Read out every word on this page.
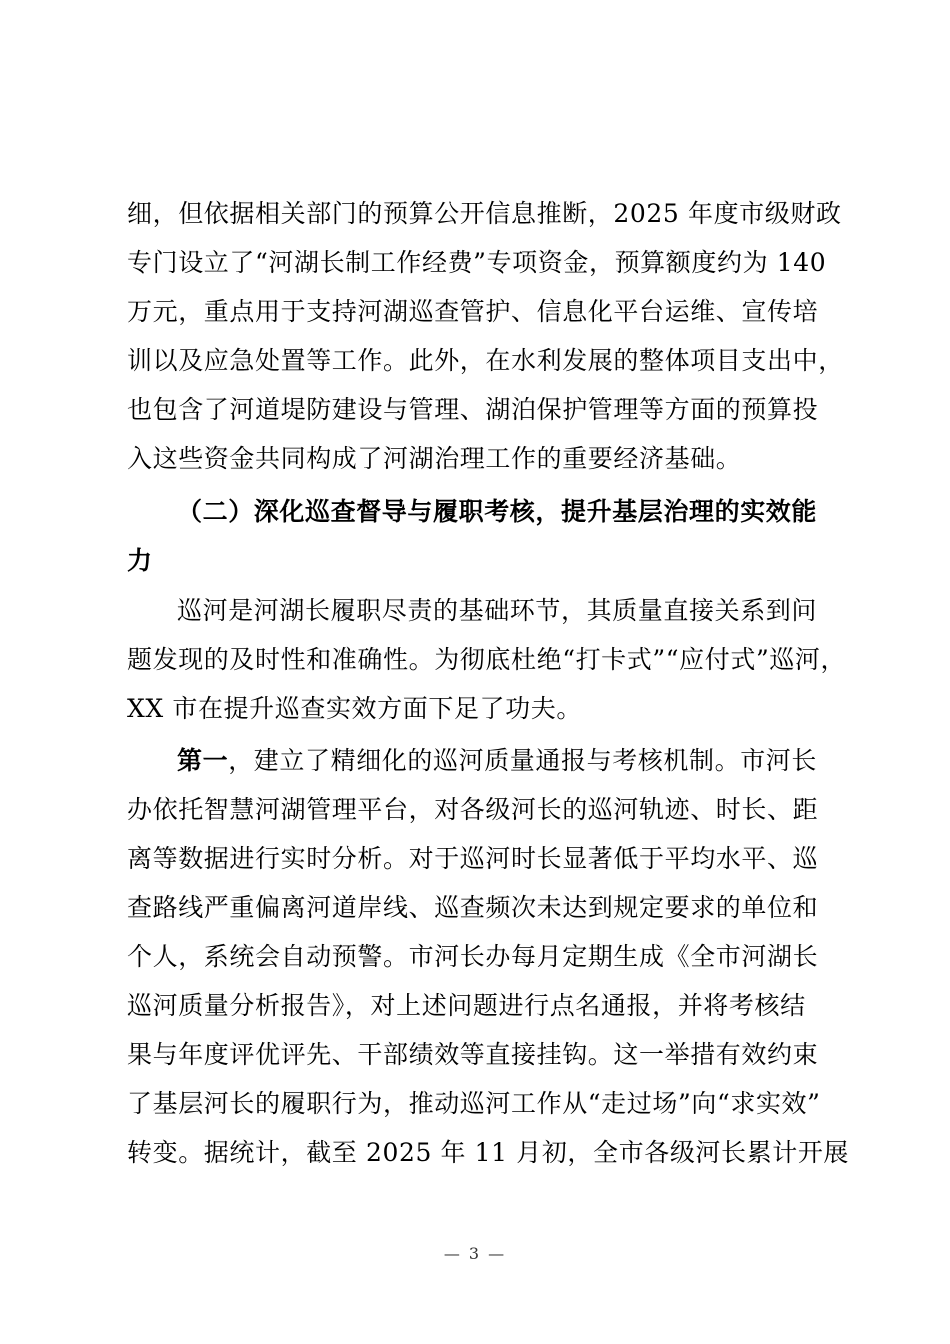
细，但依据相关部门的预算公开信息推断，2025 年度市级财政
专门设立了“河湖长制工作经费”专项资金，预算额度约为 140
万元，重点用于支持河湖巡查管护、信息化平台运维、宣传培
训以及应急处置等工作。此外，在水利发展的整体项目支出中，
也包含了河道堤防建设与管理、湖泊保护管理等方面的预算投
入这些资金共同构成了河湖治理工作的重要经济基础。
（二）深化巡查督导与履职考核，提升基层治理的实效能
力
巡河是河湖长履职尽责的基础环节，其质量直接关系到问
题发现的及时性和准确性。为彻底杜绝“打卡式”“应付式”巡河，
XX 市在提升巡查实效方面下足了功夫。
第一，建立了精细化的巡河质量通报与考核机制。市河长
办依托智慧河湖管理平台，对各级河长的巡河轨迹、时长、距
离等数据进行实时分析。对于巡河时长显著低于平均水平、巡
查路线严重偏离河道岸线、巡查频次未达到规定要求的单位和
个人，系统会自动预警。市河长办每月定期生成《全市河湖长
巡河质量分析报告》，对上述问题进行点名通报，并将考核结
果与年度评优评先、干部绩效等直接挂钩。这一举措有效约束
了基层河长的履职行为，推动巡河工作从“走过场”向“求实效”
转变。据统计，截至 2025 年 11 月初，全市各级河长累计开展
— 3 —
